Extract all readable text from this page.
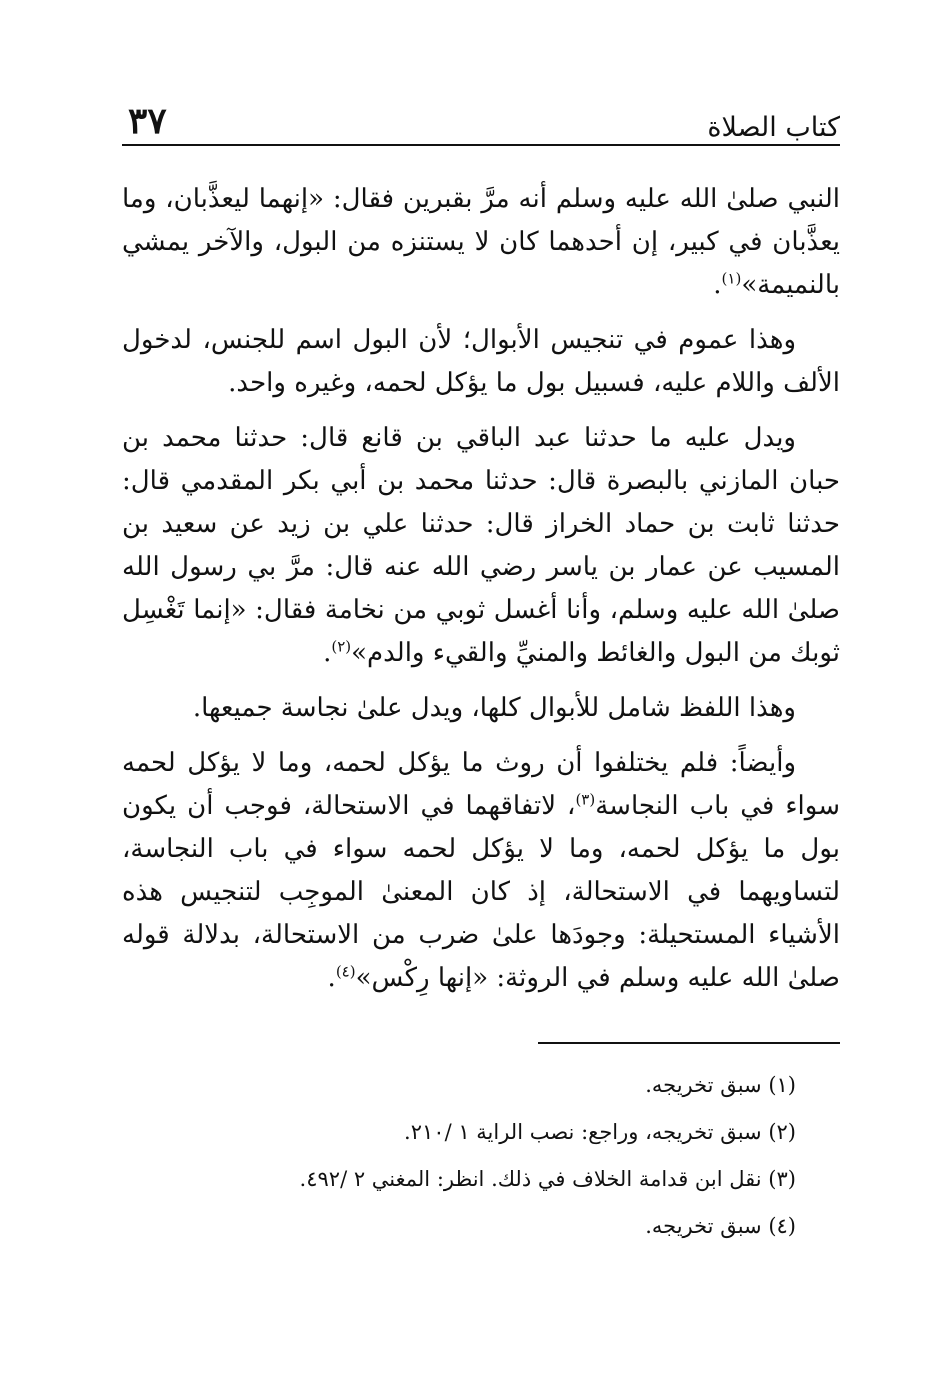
كتاب الصلاة
٣٧

النبي صلىٰ الله عليه وسلم أنه مرَّ بقبرين فقال: «إنهما ليعذَّبان، وما يعذَّبان في كبير، إن أحدهما كان لا يستنزه من البول، والآخر يمشي بالنميمة»$^{(١)}$.

وهذا عموم في تنجيس الأبوال؛ لأن البول اسم للجنس، لدخول الألف واللام عليه، فسبيل بول ما يؤكل لحمه، وغيره واحد.

ويدل عليه ما حدثنا عبد الباقي بن قانع قال: حدثنا محمد بن حبان المازني بالبصرة قال: حدثنا محمد بن أبي بكر المقدمي قال: حدثنا ثابت بن حماد الخراز قال: حدثنا علي بن زيد عن سعيد بن المسيب عن عمار بن ياسر رضي الله عنه قال: مرَّ بي رسول الله صلىٰ الله عليه وسلم، وأنا أغسل ثوبي من نخامة فقال: «إنما تَغْسِل ثوبك من البول والغائط والمنيِّ والقيء والدم»$^{(٢)}$.

وهذا اللفظ شامل للأبوال كلها، ويدل علىٰ نجاسة جميعها.

وأيضاً: فلم يختلفوا أن روث ما يؤكل لحمه، وما لا يؤكل لحمه سواء في باب النجاسة$^{(٣)}$، لاتفاقهما في الاستحالة، فوجب أن يكون بول ما يؤكل لحمه، وما لا يؤكل لحمه سواء في باب النجاسة، لتساويهما في الاستحالة، إذ كان المعنىٰ الموجِب لتنجيس هذه الأشياء المستحيلة: وجودَها علىٰ ضرب من الاستحالة، بدلالة قوله صلىٰ الله عليه وسلم في الروثة: «إنها رِكْس»$^{(٤)}$.

(١) سبق تخريجه.
(٢) سبق تخريجه، وراجع: نصب الراية ١ /٢١٠.
(٣) نقل ابن قدامة الخلاف في ذلك. انظر: المغني ٢ /٤٩٢.
(٤) سبق تخريجه.
